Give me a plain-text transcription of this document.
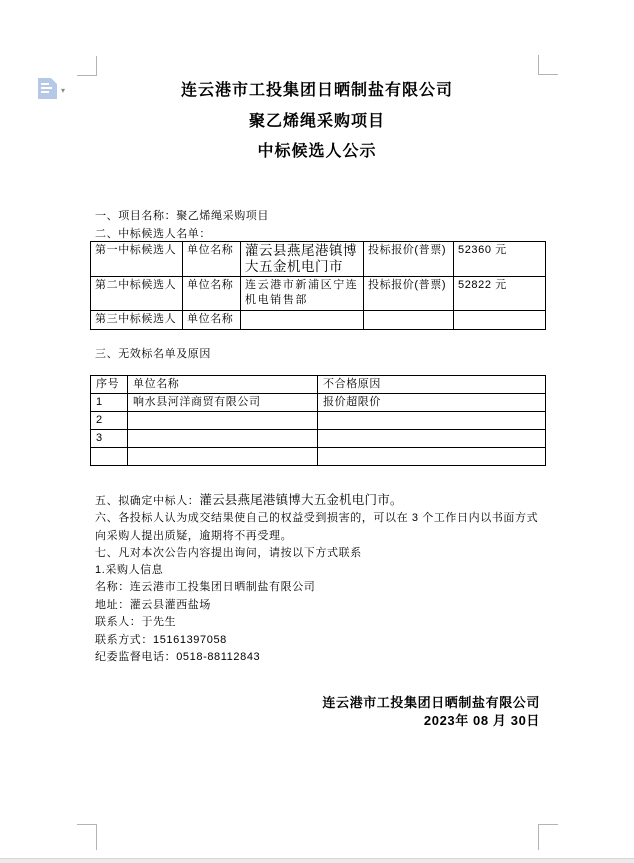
▾	连云港市工投集团日晒制盐有限公司
聚乙烯绳采购项目
中标候选人公示
一、项目名称：聚乙烯绳采购项目
二、中标候选人名单：
第一中标候选人	单位名称	灌云县燕尾港镇博大五金机电门市	投标报价(普票)	52360 元
第二中标候选人	单位名称	连云港市新浦区宁连机电销售部	投标报价(普票)	52822 元
第三中标候选人	单位名称			
三、无效标名单及原因
序号	单位名称	不合格原因
1	响水县河洋商贸有限公司	报价超限价
2		
3		

五、拟确定中标人：灌云县燕尾港镇博大五金机电门市。
六、各投标人认为成交结果使自己的权益受到损害的，可以在 3 个工作日内以书面方式向采购人提出质疑，逾期将不再受理。
七、凡对本次公告内容提出询问，请按以下方式联系
1.采购人信息
名称：连云港市工投集团日晒制盐有限公司
地址：灌云县灌西盐场
联系人：于先生
联系方式：15161397058
纪委监督电话：0518-88112843
连云港市工投集团日晒制盐有限公司
2023年 08 月 30日
